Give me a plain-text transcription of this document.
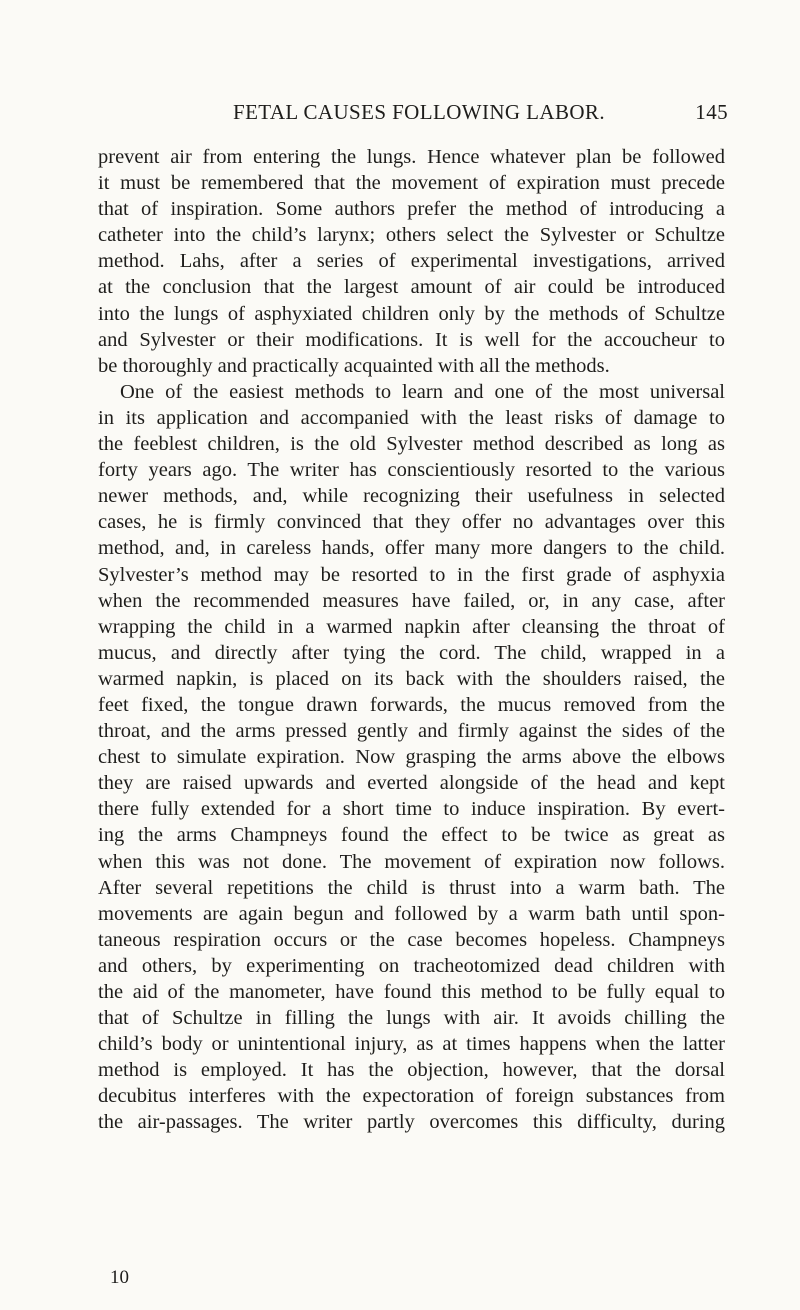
FETAL CAUSES FOLLOWING LABOR.	145
prevent air from entering the lungs. Hence whatever plan be followed
it must be remembered that the movement of expiration must precede
that of inspiration. Some authors prefer the method of introducing a
catheter into the child’s larynx; others select the Sylvester or Schultze
method. Lahs, after a series of experimental investigations, arrived
at the conclusion that the largest amount of air could be introduced
into the lungs of asphyxiated children only by the methods of Schultze
and Sylvester or their modifications. It is well for the accoucheur to
be thoroughly and practically acquainted with all the methods.
One of the easiest methods to learn and one of the most universal
in its application and accompanied with the least risks of damage to
the feeblest children, is the old Sylvester method described as long as
forty years ago. The writer has conscientiously resorted to the various
newer methods, and, while recognizing their usefulness in selected
cases, he is firmly convinced that they offer no advantages over this
method, and, in careless hands, offer many more dangers to the child.
Sylvester’s method may be resorted to in the first grade of asphyxia
when the recommended measures have failed, or, in any case, after
wrapping the child in a warmed napkin after cleansing the throat of
mucus, and directly after tying the cord. The child, wrapped in a
warmed napkin, is placed on its back with the shoulders raised, the
feet fixed, the tongue drawn forwards, the mucus removed from the
throat, and the arms pressed gently and firmly against the sides of the
chest to simulate expiration. Now grasping the arms above the elbows
they are raised upwards and everted alongside of the head and kept
there fully extended for a short time to induce inspiration. By evert-
ing the arms Champneys found the effect to be twice as great as
when this was not done. The movement of expiration now follows.
After several repetitions the child is thrust into a warm bath. The
movements are again begun and followed by a warm bath until spon-
taneous respiration occurs or the case becomes hopeless. Champneys
and others, by experimenting on tracheotomized dead children with
the aid of the manometer, have found this method to be fully equal to
that of Schultze in filling the lungs with air. It avoids chilling the
child’s body or unintentional injury, as at times happens when the latter
method is employed. It has the objection, however, that the dorsal
decubitus interferes with the expectoration of foreign substances from
the air-passages. The writer partly overcomes this difficulty, during
10
